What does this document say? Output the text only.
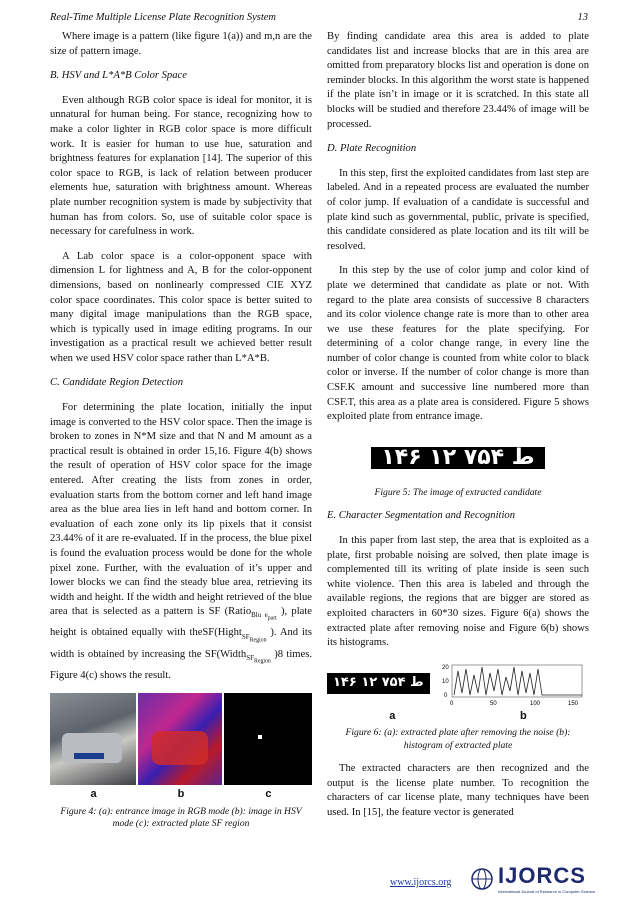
Real-Time Multiple License Plate Recognition System	13

Where image is a pattern (like figure 1(a)) and m,n are the size of pattern image.

B. HSV and L*A*B Color Space

Even although RGB color space is ideal for monitor, it is unnatural for human being. For stance, recognizing how to make a color lighter in RGB color space is more difficult work. It is easier for human to use hue, saturation and brightness features for explanation [14]. The superior of this color space to RGB, is lack of relation between producer elements hue, saturation with brightness amount. Whereas plate number recognition system is made by subjectivity that human has from colors. So, use of suitable color space is necessary for carefulness in work.

A Lab color space is a color-opponent space with dimension L for lightness and A, B for the color-opponent dimensions, based on nonlinearly compressed CIE XYZ color space coordinates. This color space is better suited to many digital image manipulations than the RGB space, which is typically used in image editing programs. In our investigation as a practical result we achieved better result when we used HSV color space rather than L*A*B.

C. Candidate Region Detection

For determining the plate location, initially the input image is converted to the HSV color space. Then the image is broken to zones in N*M size and that N and M amount as a practical result is obtained in order 15,16. Figure 4(b) shows the result of operation of HSV color space for the image entered. After creating the lists from zones in order, evaluation starts from the bottom corner and left hand image area as the blue area lies in left hand and bottom corner. In evaluation of each zone only its lip pixels that it consist 23.44% of it are re-evaluated. If in the process, the blue pixel is found the evaluation process would be done for the whole pixel zone. Further, with the evaluation of it’s upper and lower blocks we can find the steady blue area, retrieving its width and height. If the width and height retrieved of the blue area that is selected as a pattern is SF (Ratio$_{Blu e_{part}}$ ), plate height is obtained equally with theSF(Hight$_{SF_{Region}}$ ). And its width is obtained by increasing the SF(Width$_{SF_{Region}}$ )8 times. Figure 4(c) shows the result.

a	b	c
Figure 4: (a): entrance image in RGB mode (b): image in HSV mode (c): extracted plate SF region

By finding candidate area this area is added to plate candidates list and increase blocks that are in this area are omitted from preparatory blocks list and operation is done on reminder blocks. In this algorithm the worst state is happened if the plate isn’t in image or it is scratched. In this state all blocks will be studied and therefore 23.44% of image will be processed.

D. Plate Recognition

In this step, first the exploited candidates from last step are labeled. And in a repeated process are evaluated the number of color jump. If evaluation of a candidate is successful and plate kind such as governmental, public, private is specified, this candidate considered as plate location and its tilt will be resolved.

In this step by the use of color jump and color kind of plate we determined that candidate as plate or not. With regard to the plate area consists of successive 8 characters and its color violence change rate is more than to other area we use these features for the plate specifying. For determining of a color change range, in every line the number of color change is counted from white color to black color or inverse. If the number of color change is more than CSF.K amount and successive line numbered more than CSF.T, this area as a plate area is considered. Figure 5 shows exploited plate from entrance image.

۱۴۶ ط ۷۵۴ ۱۲
Figure 5: The image of extracted candidate
E. Character Segmentation and Recognition

In this paper from last step, the area that is exploited as a plate, first probable noising are solved, then plate image is complemented till its writing of plate inside is seen such white violence. Then this area is labeled and through the available regions, the regions that are bigger are stored as exploited characters in 60*30 sizes. Figure 6(a) shows the extracted plate after removing noise and Figure 6(b) shows its histograms.

۱۴۶ ط ۷۵۴ ۱۲
20
10
0
0	50	100	150
a	b
Figure 6: (a): extracted plate after removing the noise (b): histogram of extracted plate

The extracted characters are then recognized and the output is the license plate number. To recognition the characters of car license plate, many techniques have been used. In [15], the feature vector is generated

www.ijorcs.org IJORCS
International Journal of Research in Computer Science
